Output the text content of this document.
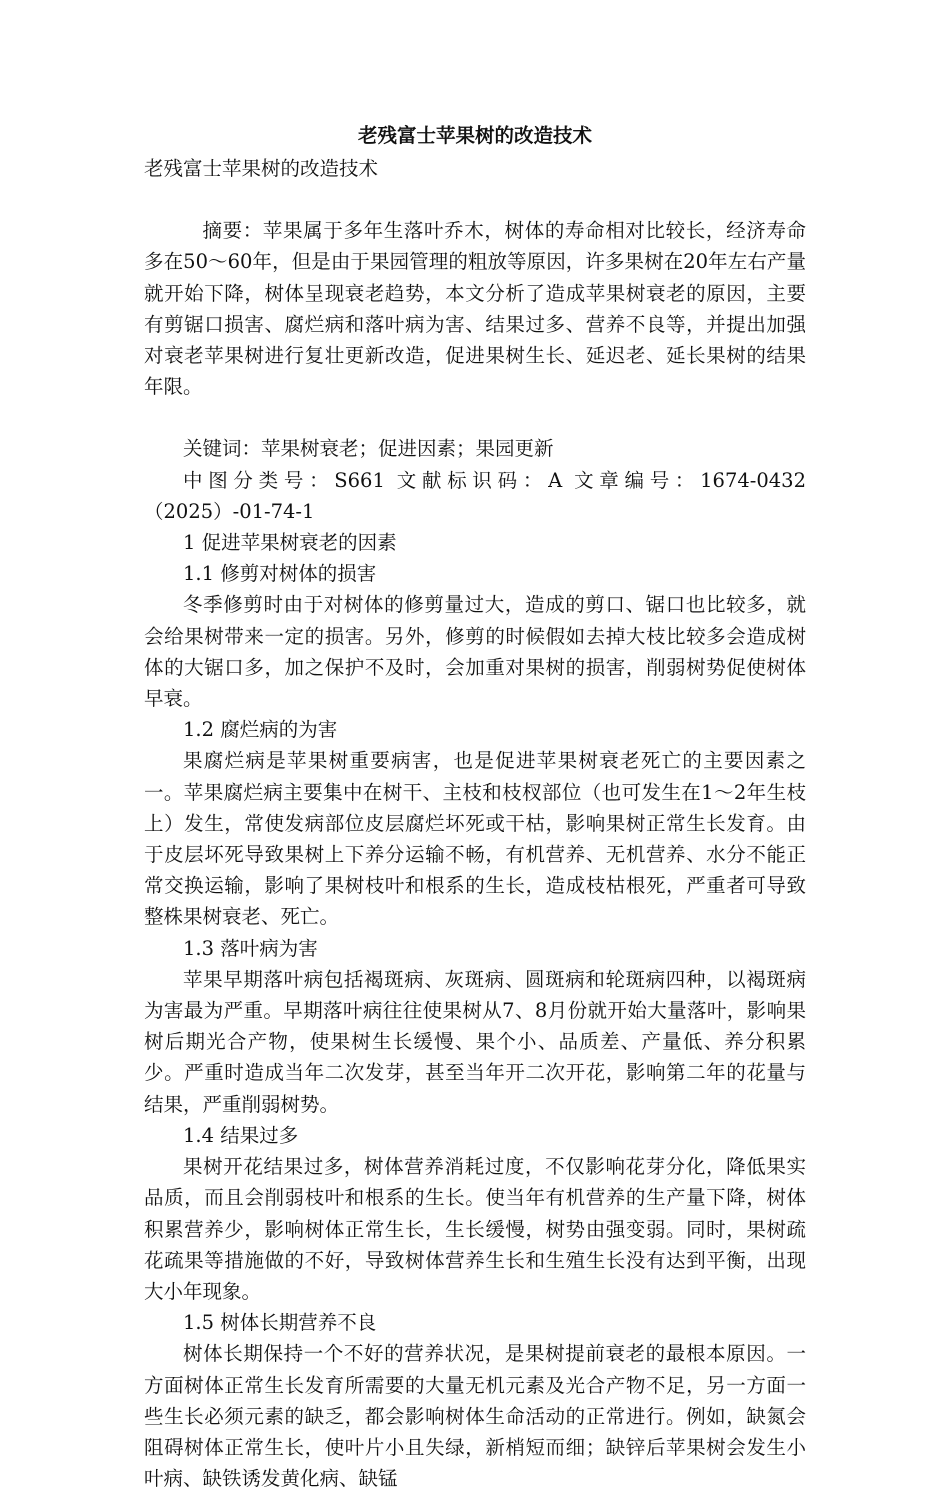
老残富士苹果树的改造技术

老残富士苹果树的改造技术

摘要：苹果属于多年生落叶乔木，树体的寿命相对比较长，经济寿命多在50～60年，但是由于果园管理的粗放等原因，许多果树在20年左右产量就开始下降，树体呈现衰老趋势，本文分析了造成苹果树衰老的原因，主要有剪锯口损害、腐烂病和落叶病为害、结果过多、营养不良等，并提出加强对衰老苹果树进行复壮更新改造，促进果树生长、延迟老、延长果树的结果年限。

关键词：苹果树衰老；促进因素；果园更新

中图分类号：S661 文献标识码：A 文章编号：1674-0432（2025）-01-74-1

1 促进苹果树衰老的因素

1.1 修剪对树体的损害

冬季修剪时由于对树体的修剪量过大，造成的剪口、锯口也比较多，就会给果树带来一定的损害。另外，修剪的时候假如去掉大枝比较多会造成树体的大锯口多，加之保护不及时，会加重对果树的损害，削弱树势促使树体早衰。

1.2 腐烂病的为害

果腐烂病是苹果树重要病害，也是促进苹果树衰老死亡的主要因素之一。苹果腐烂病主要集中在树干、主枝和枝杈部位（也可发生在1～2年生枝上）发生，常使发病部位皮层腐烂坏死或干枯，影响果树正常生长发育。由于皮层坏死导致果树上下养分运输不畅，有机营养、无机营养、水分不能正常交换运输，影响了果树枝叶和根系的生长，造成枝枯根死，严重者可导致整株果树衰老、死亡。

1.3 落叶病为害

苹果早期落叶病包括褐斑病、灰斑病、圆斑病和轮斑病四种，以褐斑病为害最为严重。早期落叶病往往使果树从7、8月份就开始大量落叶，影响果树后期光合产物，使果树生长缓慢、果个小、品质差、产量低、养分积累少。严重时造成当年二次发芽，甚至当年开二次开花，影响第二年的花量与结果，严重削弱树势。

1.4 结果过多

果树开花结果过多，树体营养消耗过度，不仅影响花芽分化，降低果实品质，而且会削弱枝叶和根系的生长。使当年有机营养的生产量下降，树体积累营养少，影响树体正常生长，生长缓慢，树势由强变弱。同时，果树疏花疏果等措施做的不好，导致树体营养生长和生殖生长没有达到平衡，出现大小年现象。

1.5 树体长期营养不良

树体长期保持一个不好的营养状况，是果树提前衰老的最根本原因。一方面树体正常生长发育所需要的大量无机元素及光合产物不足，另一方面一些生长必须元素的缺乏，都会影响树体生命活动的正常进行。例如，缺氮会阻碍树体正常生长，使叶片小且失绿，新梢短而细；缺锌后苹果树会发生小叶病、缺铁诱发黄化病、缺锰
